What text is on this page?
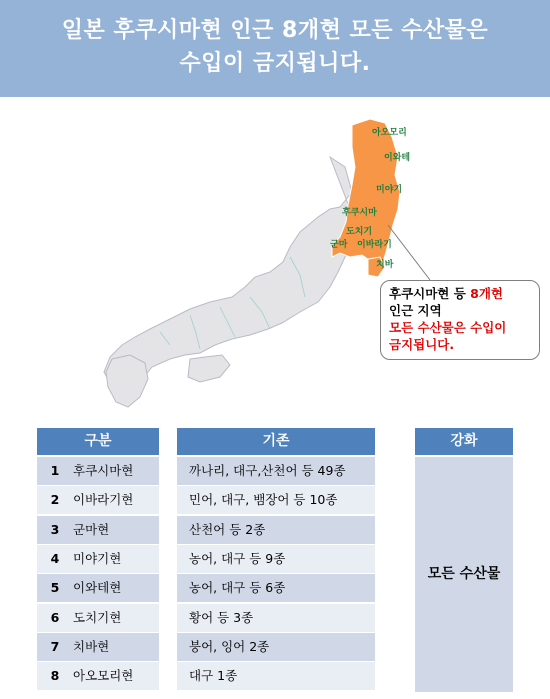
일본 후쿠시마현 인근 8개현 모든 수산물은
수입이 금지됩니다.
아오모리
이와테
미야기
후쿠시마
도치기
군마 이바라기
치바
후쿠시마현 등 8개현
인근 지역
모든 수산물은 수입이
금지됩니다.
구분	기존	강화
1 후쿠시마현	까나리, 대구,산천어 등 49종
2 이바라기현	민어, 대구, 뱀장어 등 10종
3 군마현	산천어 등 2종
4 미야기현	농어, 대구 등 9종
5 이와테현	농어, 대구 등 6종
6 도치기현	황어 등 3종
7 치바현	붕어, 잉어 2종
8 아오모리현	대구 1종
모든 수산물
